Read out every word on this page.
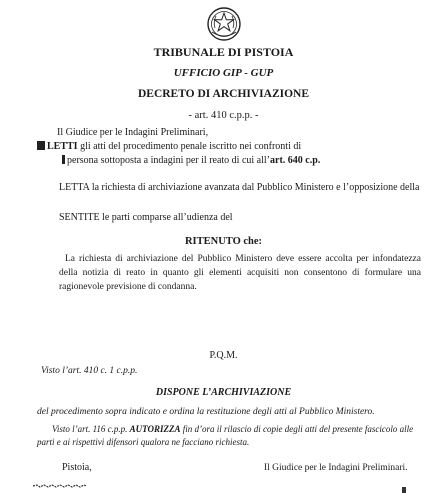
TRIBUNALE DI PISTOIA
UFFICIO GIP - GUP
DECRETO DI ARCHIVIAZIONE
- art. 410 c.p.p. -
Il Giudice per le Indagini Preliminari,
LETTI gli atti del procedimento penale iscritto nei confronti di
persona sottoposta a indagini per il reato di cui all’art. 640 c.p.
LETTA la richiesta di archiviazione avanzata dal Pubblico Ministero e l’opposizione della
SENTITE le parti comparse all’udienza del
RITENUTO che:
La richiesta di archiviazione del Pubblico Ministero deve essere accolta per infondatezza della notizia di reato in quanto gli elementi acquisiti non consentono di formulare una ragionevole previsione di condanna.
P.Q.M.
Visto l’art. 410 c. 1 c.p.p.
DISPONE L’ARCHIVIAZIONE
del procedimento sopra indicato e ordina la restituzione degli atti al Pubblico Ministero.
Visto l’art. 116 c.p.p. AUTORIZZA fin d’ora il rilascio di copie degli atti del presente fascicolo alle
parti e ai rispettivi difensori qualora ne facciano richiesta.
Pistoia,	Il Giudice per le Indagini Preliminari.
